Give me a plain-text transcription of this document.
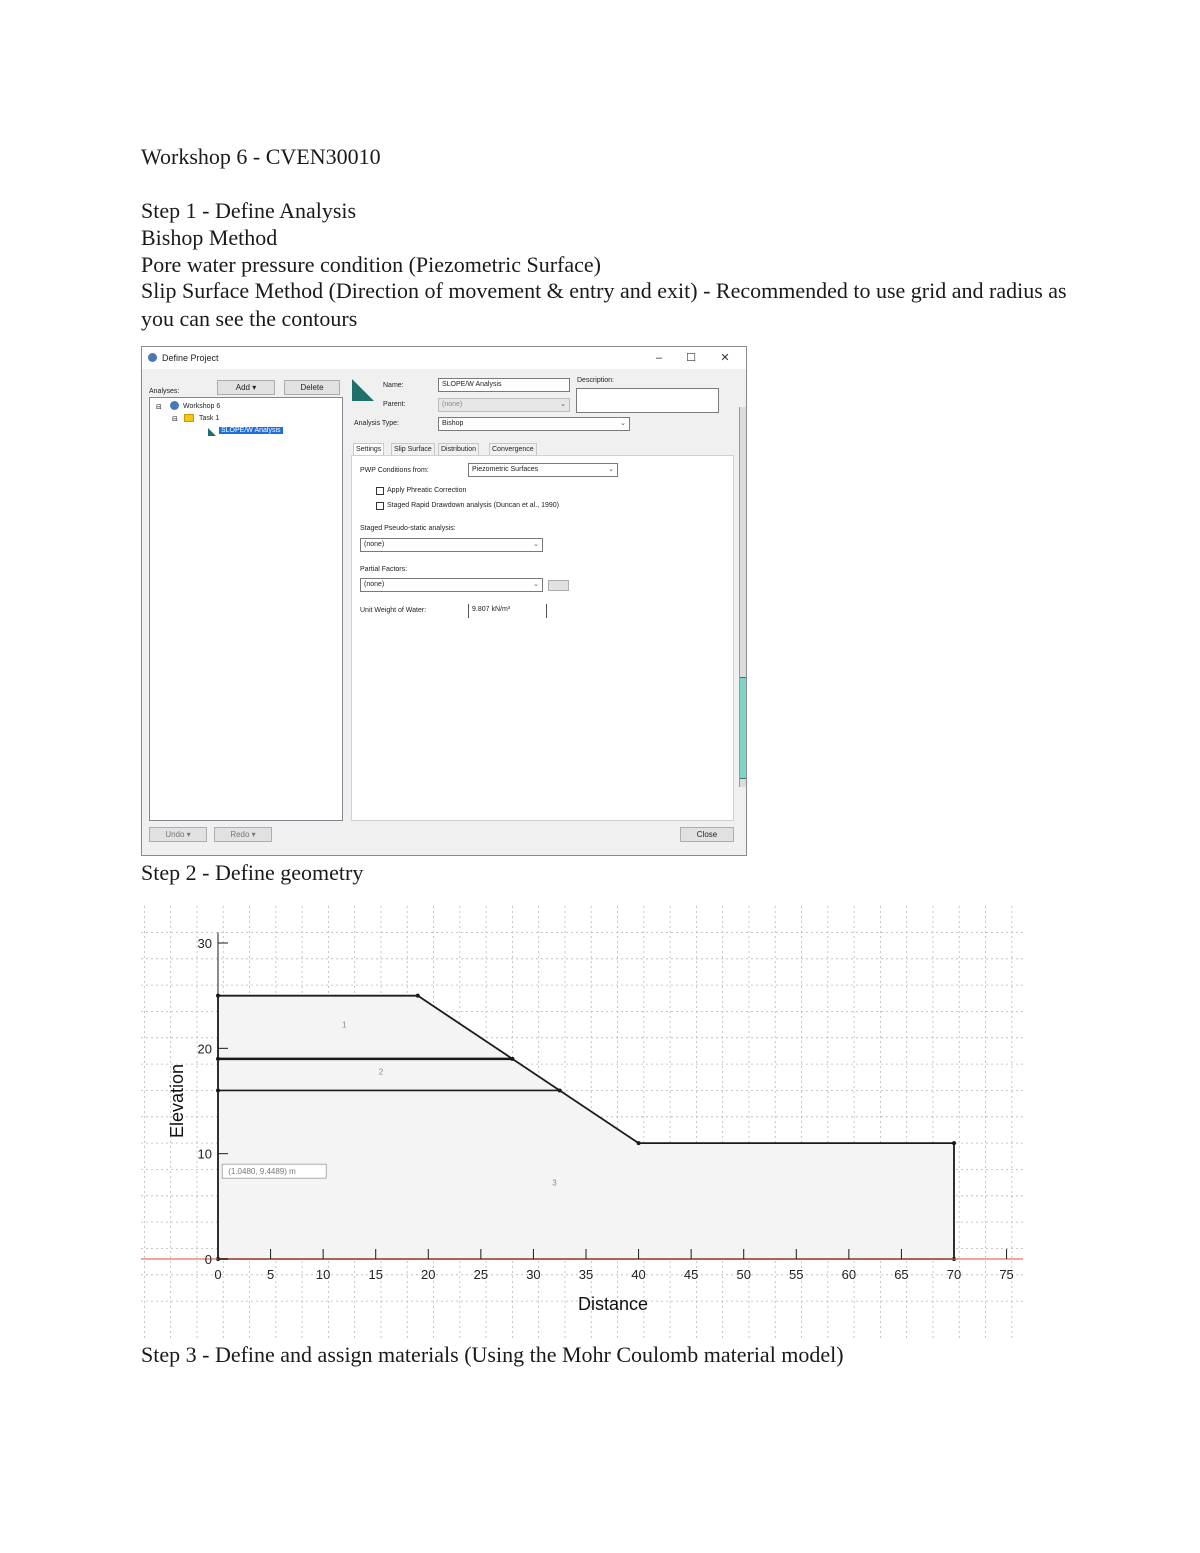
Workshop 6 - CVEN30010
Step 1 - Define Analysis
Bishop Method
Pore water pressure condition (Piezometric Surface)
Slip Surface Method (Direction of movement & entry and exit) - Recommended to use grid and radius as you can see the contours
Define Project	–	☐	✕
Analyses:	Add ▾	Delete
⊟	Workshop 6
⊟	Task 1
SLOPE/W Analysis
Name:	SLOPE/W Analysis
Description:
Parent:	(none)	⌄
Analysis Type:	Bishop	⌄
Settings	Slip Surface	Distribution	Convergence
PWP Conditions from:	Piezometric Surfaces	⌄
Apply Phreatic Correction
Staged Rapid Drawdown analysis (Duncan et al., 1990)
Staged Pseudo-static analysis:
(none)	⌄
Partial Factors:
(none)	⌄
Unit Weight of Water:	9.807 kN/m³
Undo ▾	Redo ▾	Close
Step 2 - Define geometry
0	5	10	15	20	25	30	35	40	45	50	55	60	65	70	75
0
10
20
30
Distance
Elevation
1
2
3
(1.0480, 9.4489) m
Step 3 - Define and assign materials (Using the Mohr Coulomb material model)
